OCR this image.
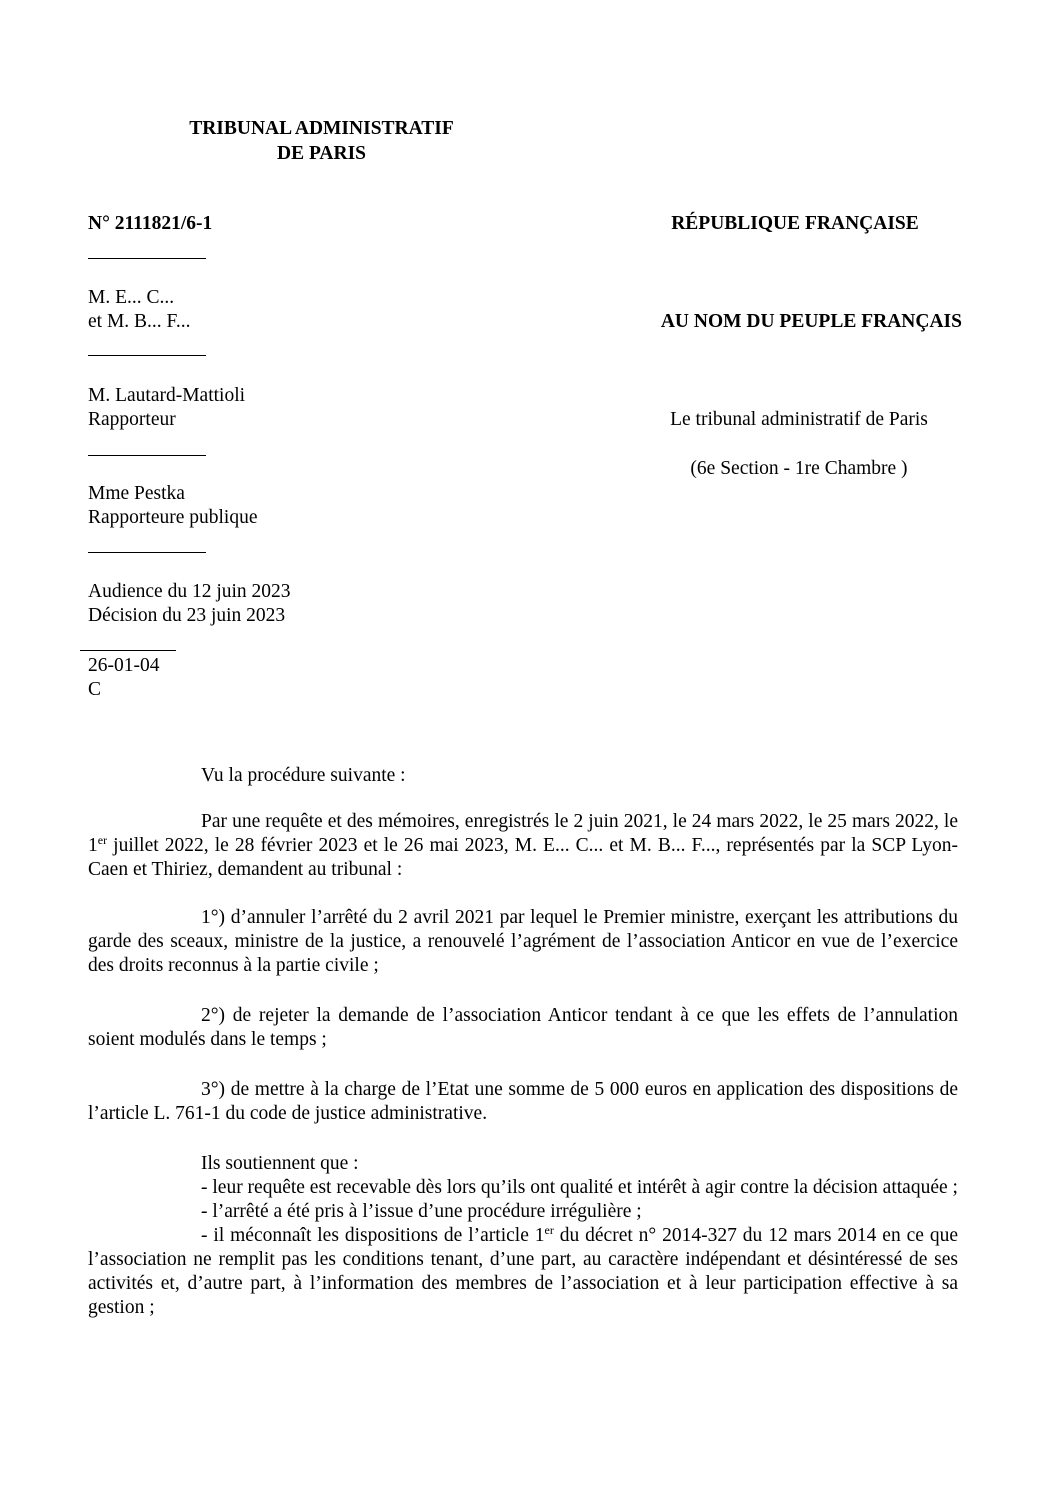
TRIBUNAL ADMINISTRATIF
DE PARIS
N° 2111821/6-1	RÉPUBLIQUE FRANÇAISE
M. E... C...
et M. B... F...	AU NOM DU PEUPLE FRANÇAIS
M. Lautard-Mattioli
Rapporteur	Le tribunal administratif de Paris
(6e Section - 1re Chambre )
Mme Pestka
Rapporteure publique
Audience du 12 juin 2023
Décision du 23 juin 2023
26-01-04
C
Vu la procédure suivante :

Par une requête et des mémoires, enregistrés le 2 juin 2021, le 24 mars 2022, le 25 mars 2022, le 1er juillet 2022, le 28 février 2023 et le 26 mai 2023, M. E... C... et M. B... F..., représentés par la SCP Lyon-Caen et Thiriez, demandent au tribunal :

1°) d’annuler l’arrêté du 2 avril 2021 par lequel le Premier ministre, exerçant les attributions du garde des sceaux, ministre de la justice, a renouvelé l’agrément de l’association Anticor en vue de l’exercice des droits reconnus à la partie civile ;

2°) de rejeter la demande de l’association Anticor tendant à ce que les effets de l’annulation soient modulés dans le temps ;

3°) de mettre à la charge de l’Etat une somme de 5 000 euros en application des dispositions de l’article L. 761-1 du code de justice administrative.

Ils soutiennent que :

- leur requête est recevable dès lors qu’ils ont qualité et intérêt à agir contre la décision attaquée ;

- l’arrêté a été pris à l’issue d’une procédure irrégulière ;

- il méconnaît les dispositions de l’article 1er du décret n° 2014-327 du 12 mars 2014 en ce que l’association ne remplit pas les conditions tenant, d’une part, au caractère indépendant et désintéressé de ses activités et, d’autre part, à l’information des membres de l’association et à leur participation effective à sa gestion ;
